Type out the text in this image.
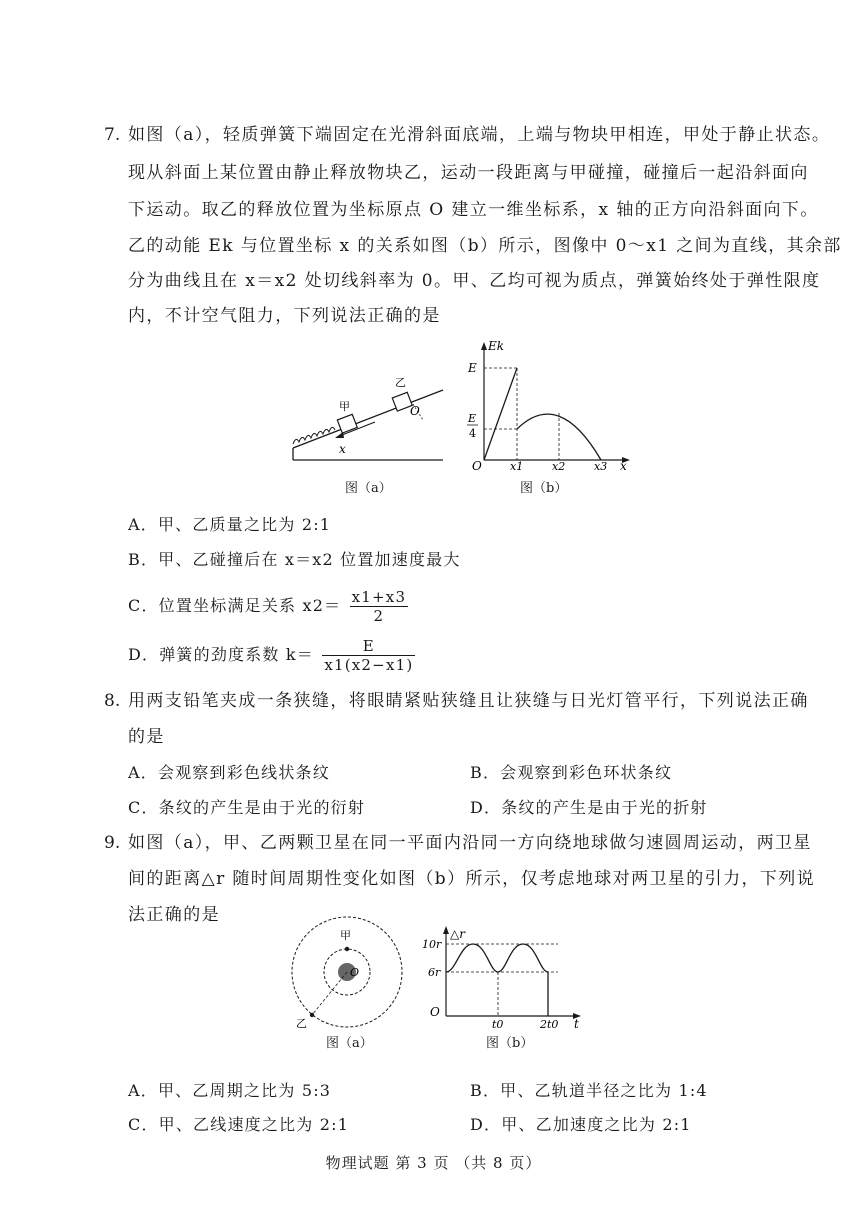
7. 如图（a），轻质弹簧下端固定在光滑斜面底端，上端与物块甲相连，甲处于静止状态。
现从斜面上某位置由静止释放物块乙，运动一段距离与甲碰撞，碰撞后一起沿斜面向
下运动。取乙的释放位置为坐标原点 O 建立一维坐标系，x 轴的正方向沿斜面向下。
乙的动能 Ek 与位置坐标 x 的关系如图（b）所示，图像中 0～x1 之间为直线，其余部
分为曲线且在 x＝x2 处切线斜率为 0。甲、乙均可视为质点，弹簧始终处于弹性限度
内，不计空气阻力，下列说法正确的是
甲
乙
O
x
图（a）
Ek
E
E
4
O	x1	x2	x3 x
图（b）
A．甲、乙质量之比为 2:1
B．甲、乙碰撞后在 x＝x2 位置加速度最大
C．位置坐标满足关系 $x2= \frac{x1+x3}{2}$
D．弹簧的劲度系数 $k= \frac{E}{x1(x2-x1)}$
8. 用两支铅笔夹成一条狭缝，将眼睛紧贴狭缝且让狭缝与日光灯管平行，下列说法正确
的是
A．会观察到彩色线状条纹	B．会观察到彩色环状条纹
C．条纹的产生是由于光的衍射	D．条纹的产生是由于光的折射
9. 如图（a），甲、乙两颗卫星在同一平面内沿同一方向绕地球做匀速圆周运动，两卫星
间的距离△r 随时间周期性变化如图（b）所示，仅考虑地球对两卫星的引力，下列说
法正确的是
甲
乙
O
图（a）
△r
10r
6r
O
t0	2t0 t
图（b）
A．甲、乙周期之比为 5:3	B．甲、乙轨道半径之比为 1:4
C．甲、乙线速度之比为 2:1	D．甲、乙加速度之比为 2:1
物理试题 第 3 页 （共 8 页）
